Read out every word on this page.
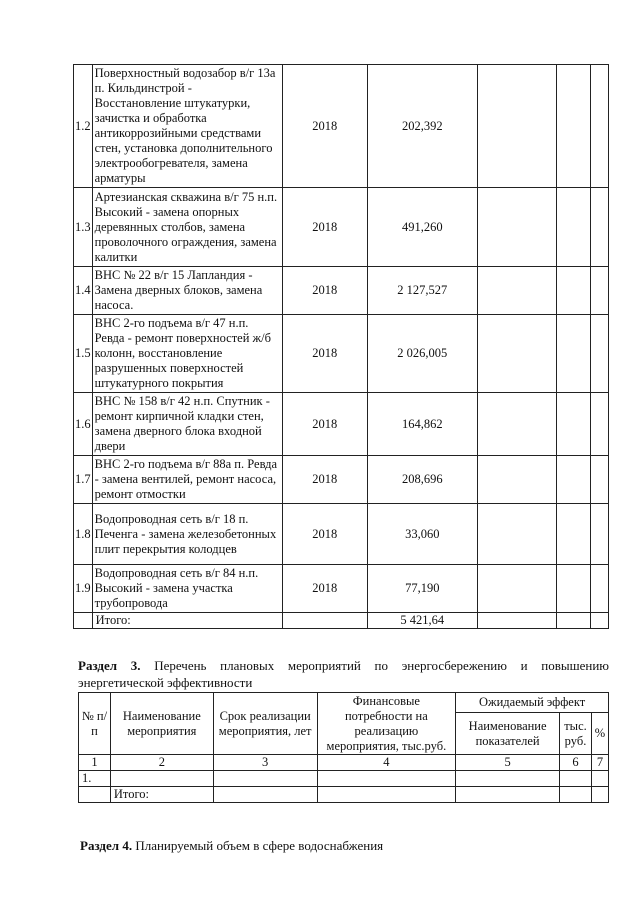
1.2	Поверхностный водозабор в/г 13а п. Кильдинстрой - Восстановление штукатурки, зачистка и обработка антикоррозийными средствами стен, установка дополнительного электрообогревателя, замена арматуры	2018	202,392			
1.3	Артезианская скважина в/г 75 н.п. Высокий - замена опорных деревянных столбов, замена проволочного ограждения, замена калитки	2018	491,260			
1.4	ВНС № 22 в/г 15 Лапландия - Замена дверных блоков, замена насоса.	2018	2 127,527			
1.5	ВНС 2-го подъема в/г 47 н.п. Ревда - ремонт поверхностей ж/б колонн, восстановление разрушенных поверхностей штукатурного покрытия	2018	2 026,005			
1.6	ВНС № 158 в/г 42 н.п. Спутник - ремонт кирпичной кладки стен, замена дверного блока входной двери	2018	164,862			
1.7	ВНС 2-го подъема в/г 88а п. Ревда - замена вентилей, ремонт насоса, ремонт отмостки	2018	208,696			
1.8	Водопроводная сеть в/г 18 п. Печенга - замена железобетонных плит перекрытия колодцев	2018	33,060			
1.9	Водопроводная сеть в/г 84 н.п. Высокий - замена участка трубопровода	2018	77,190			
	Итого:		5 421,64			
Раздел 3. Перечень плановых мероприятий по энергосбережению и повышению энергетической эффективности
№ п/п	Наименование мероприятия	Срок реализации мероприятия, лет	Финансовые потребности на реализацию мероприятия, тыс.руб.	Ожидаемый эффект		
				Наименование показателей	тыс. руб.	%
1	2	3	4	5	6	7
1.						
	Итого:					
Раздел 4. Планируемый объем в сфере водоснабжения
